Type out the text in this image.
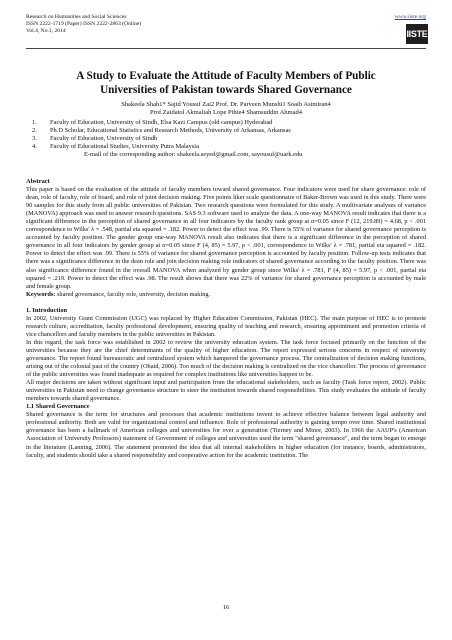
Research on Humanities and Social Sciences	www.iiste.org
ISSN 2222-1719 (Paper) ISSN 2222-2863 (Online)
Vol.4, No.1, 2014	IISTE
A Study to Evaluate the Attitude of Faculty Members of Public
Universities of Pakistan towards Shared Governance
Shakeela Shah1* Sajid Yousuf Zai2 Prof. Dr. Parveen Munshi1 Soaib Asimiran4
Prof.Zaidatol Akmaliah Lope Pihie4 Shamsuddin Ahmad4
1.	Faculty of Education, University of Sindh, Elsa Kazi Campus (old campus) Hyderabad
2.	Ph.D Scholar, Educational Statistics and Research Methods, University of Arkansas, Arkansas
3.	Faculty of Education, University of Sindh
4.	Faculty of Educational Studies, University Putra Malaysia
E-mail of the corresponding author: shakeela.seyed@gmail.com, sayousuf@uark.edu
Abstract

This paper is based on the evaluation of the attitude of faculty members toward shared governance. Four indicators were used for share governance: role of dean, role of faculty, role of board, and role of joint decision making. Five points liker scale questionnaire of Baker-Brown was used in this study. There were 90 samples for this study from all public universities of Pakistan. Two research questions were formulated for this study. A multivariate analyses of variance (MANOVA) approach was used to answer research questions. SAS 9.3 software used to analyze the data. A one-way MANOVA result indicates that there is a significant difference in the perception of shared governance in all four indicators by the faculty rank group at α=0.05 since F (12, 219.89) = 4.68, p < .001 correspondence to Wilks' λ = .548, partial eta squared = .182. Power to detect the effect was .99. There is 55% of variance for shared governance perception is accounted by faculty position. The gender group one-way MANOVA result also indicates that there is a significant difference in the perception of shared governance in all four indicators by gender group at α=0.05 since F (4, 85) = 5.97, p < .001, correspondence to Wilks' λ = .781, partial eta squared = .182. Power to detect the effect was .99. There is 55% of variance for shared governance perception is accounted by faculty position. Follow-up tests indicates that there was a significance difference in the dean role and join decision making role indicators of shared governance according to the faculty position. There was also significance difference found in the overall MANOVA when analyzed by gender group since Wilks' λ = .781, F (4, 85) = 5.97, p < .001, partial eta squared = .219. Power to detect the effect was .98. The result shows that there was 22% of variance for shared governance perception is accounted by male and female group.

Keywords: shared governance, faculty role, university, decision making.

1. Introduction

In 2002, University Grant Commission (UGC) was replaced by Higher Education Commission, Pakistan (HEC). The main purpose of HEC is to promote research culture, accreditation, faculty professional development, ensuring quality of teaching and research, ensuring appointment and promotion criteria of vice chancellors and faculty members in the public universities in Pakistan.

In this regard, the task force was established in 2002 to review the university education system. The task force focused primarily on the function of the universities because they are the chief determinants of the quality of higher education. The report expressed serious concerns in respect of university governance. The report found bureaucratic and centralized system which hampered the governance process. The centralization of decision making functions, arising out of the colonial past of the country (Obaid, 2006). Too much of the decision making is centralized on the vice chancellor. The process of governance of the public universities was found inadequate as required for complex institutions like universities happen to be.

All major decisions are taken without significant input and participation from the educational stakeholders, such as faculty (Task force report, 2002). Public universities in Pakistan need to change governance structure to steer the institution towards shared responsibilities. This study evaluates the attitude of faculty members towards shared governance.

1.1 Shared Governance

Shared governance is the term for structures and processes that academic institutions invent to achieve effective balance between legal authority and professional authority. Both are valid for organizational control and influence. Role of professional authority is gaining tempo over time. Shared institutional governance has been a hallmark of American colleges and universities for over a generation (Tierney and Minor, 2003). In 1966 the AAUP's (American Association of University Professors) statement of Government of colleges and universities used the term "shared governance", and the term began to emerge in the literature (Lanning, 2006). The statement promoted the idea that all internal stakeholders in higher education (for instance, boards, administrators, faculty, and students should take a shared responsibility and cooperative action for the academic institution. The

16
